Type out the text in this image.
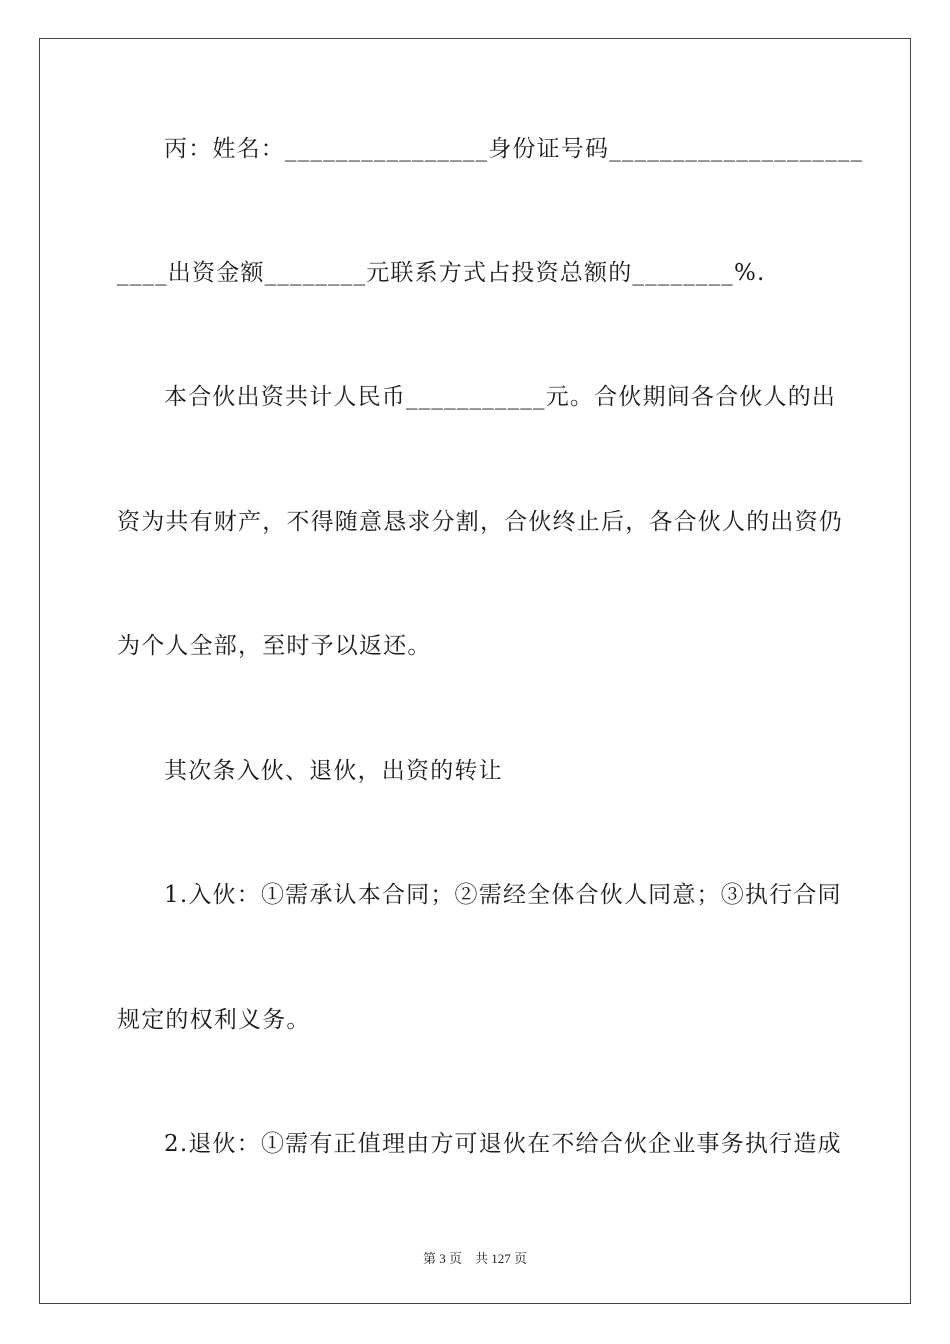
丙：姓名：________________身份证号码____________________
____出资金额________元联系方式占投资总额的________%.
本合伙出资共计人民币___________元。合伙期间各合伙人的出
资为共有财产，不得随意恳求分割，合伙终止后，各合伙人的出资仍
为个人全部，至时予以返还。
其次条入伙、退伙，出资的转让
1.入伙：①需承认本合同；②需经全体合伙人同意；③执行合同
规定的权利义务。
2.退伙：①需有正值理由方可退伙在不给合伙企业事务执行造成
第 3 页    共 127 页
